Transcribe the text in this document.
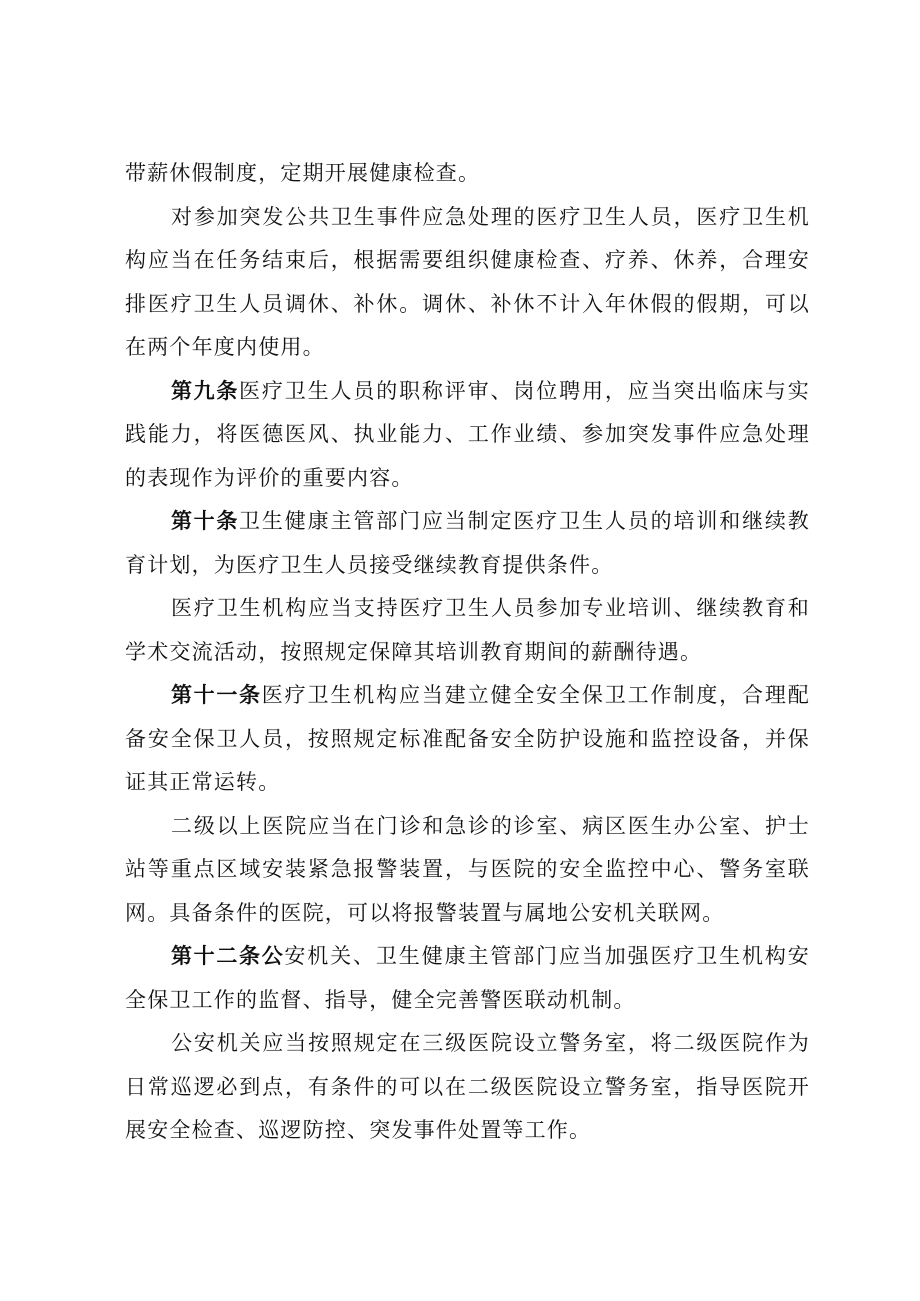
带薪休假制度，定期开展健康检查。

对参加突发公共卫生事件应急处理的医疗卫生人员，医疗卫生机构应当在任务结束后，根据需要组织健康检查、疗养、休养，合理安排医疗卫生人员调休、补休。调休、补休不计入年休假的假期，可以在两个年度内使用。

第九条医疗卫生人员的职称评审、岗位聘用，应当突出临床与实践能力，将医德医风、执业能力、工作业绩、参加突发事件应急处理的表现作为评价的重要内容。

第十条卫生健康主管部门应当制定医疗卫生人员的培训和继续教育计划，为医疗卫生人员接受继续教育提供条件。

医疗卫生机构应当支持医疗卫生人员参加专业培训、继续教育和学术交流活动，按照规定保障其培训教育期间的薪酬待遇。

第十一条医疗卫生机构应当建立健全安全保卫工作制度，合理配备安全保卫人员，按照规定标准配备安全防护设施和监控设备，并保证其正常运转。

二级以上医院应当在门诊和急诊的诊室、病区医生办公室、护士站等重点区域安装紧急报警装置，与医院的安全监控中心、警务室联网。具备条件的医院，可以将报警装置与属地公安机关联网。

第十二条公安机关、卫生健康主管部门应当加强医疗卫生机构安全保卫工作的监督、指导，健全完善警医联动机制。

公安机关应当按照规定在三级医院设立警务室，将二级医院作为日常巡逻必到点，有条件的可以在二级医院设立警务室，指导医院开展安全检查、巡逻防控、突发事件处置等工作。
